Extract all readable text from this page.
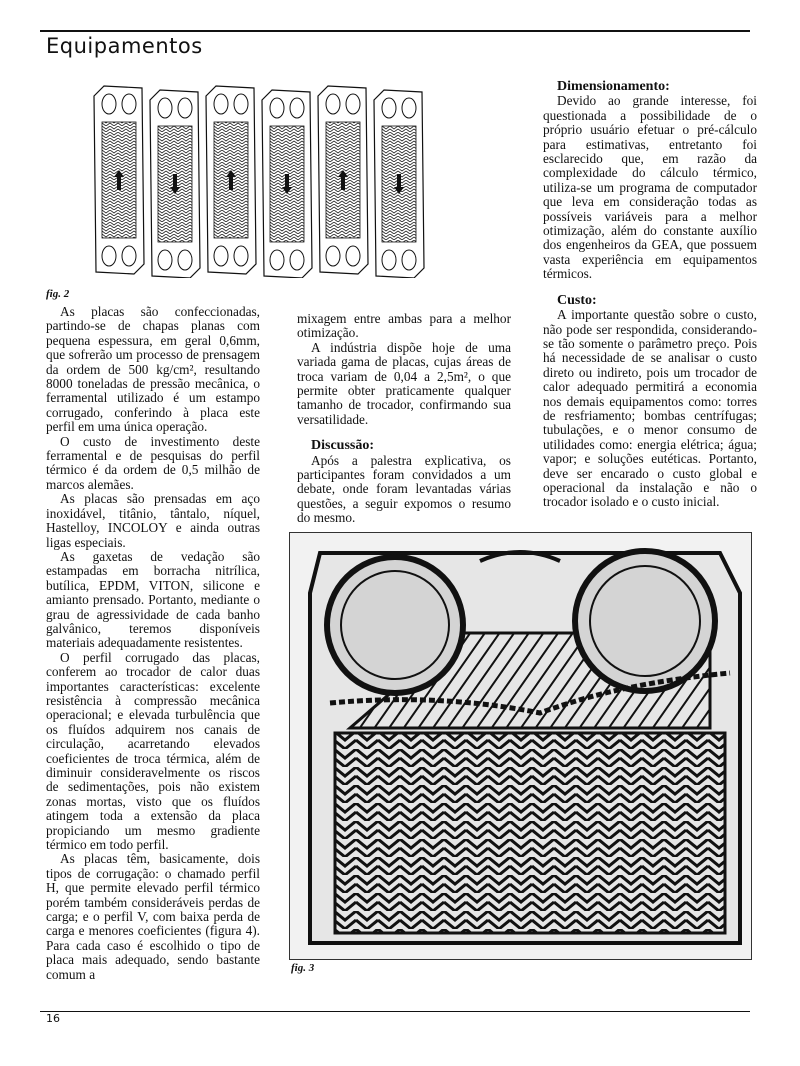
Equipamentos
fig. 2

As placas são confeccionadas, partindo-se de chapas planas com pequena espessura, em geral 0,6mm, que sofrerão um processo de prensagem da ordem de 500 kg/cm², resultando 8000 toneladas de pressão mecânica, o ferramental utilizado é um estampo corrugado, conferindo à placa este perfil em uma única operação.

O custo de investimento deste ferramental e de pesquisas do perfil térmico é da ordem de 0,5 milhão de marcos alemães.

As placas são prensadas em aço inoxidável, titânio, tântalo, níquel, Hastelloy, INCOLOY e ainda outras ligas especiais.

As gaxetas de vedação são estampadas em borracha nitrílica, butílica, EPDM, VITON, silicone e amianto prensado. Portanto, mediante o grau de agressividade de cada banho galvânico, teremos disponíveis materiais adequadamente resistentes.

O perfil corrugado das placas, conferem ao trocador de calor duas importantes características: excelente resistência à compressão mecânica operacional; e elevada turbulência que os fluídos adquirem nos canais de circulação, acarretando elevados coeficientes de troca térmica, além de diminuir consideravelmente os riscos de sedimentações, pois não existem zonas mortas, visto que os fluídos atingem toda a extensão da placa propiciando um mesmo gradiente térmico em todo perfil.

As placas têm, basicamente, dois tipos de corrugação: o chamado perfil H, que permite elevado perfil térmico porém também consideráveis perdas de carga; e o perfil V, com baixa perda de carga e menores coeficientes (figura 4). Para cada caso é escolhido o tipo de placa mais adequado, sendo bastante comum a

mixagem entre ambas para a melhor otimização.

A indústria dispõe hoje de uma variada gama de placas, cujas áreas de troca variam de 0,04 a 2,5m², o que permite obter praticamente qualquer tamanho de trocador, confirmando sua versatilidade.

Discussão:

Após a palestra explicativa, os participantes foram convidados a um debate, onde foram levantadas várias questões, a seguir expomos o resumo do mesmo.

Dimensionamento:

Devido ao grande interesse, foi questionada a possibilidade de o próprio usuário efetuar o pré-cálculo para estimativas, entretanto foi esclarecido que, em razão da complexidade do cálculo térmico, utiliza-se um programa de computador que leva em consideração todas as possíveis variáveis para a melhor otimização, além do constante auxílio dos engenheiros da GEA, que possuem vasta experiência em equipamentos térmicos.

Custo:

A importante questão sobre o custo, não pode ser respondida, considerando-se tão somente o parâmetro preço. Pois há necessidade de se analisar o custo direto ou indireto, pois um trocador de calor adequado permitirá a economia nos demais equipamentos como: torres de resfriamento; bombas centrífugas; tubulações, e o menor consumo de utilidades como: energia elétrica; água; vapor; e soluções eutéticas. Portanto, deve ser encarado o custo global e operacional da instalação e não o trocador isolado e o custo inicial.

fig. 3
16
